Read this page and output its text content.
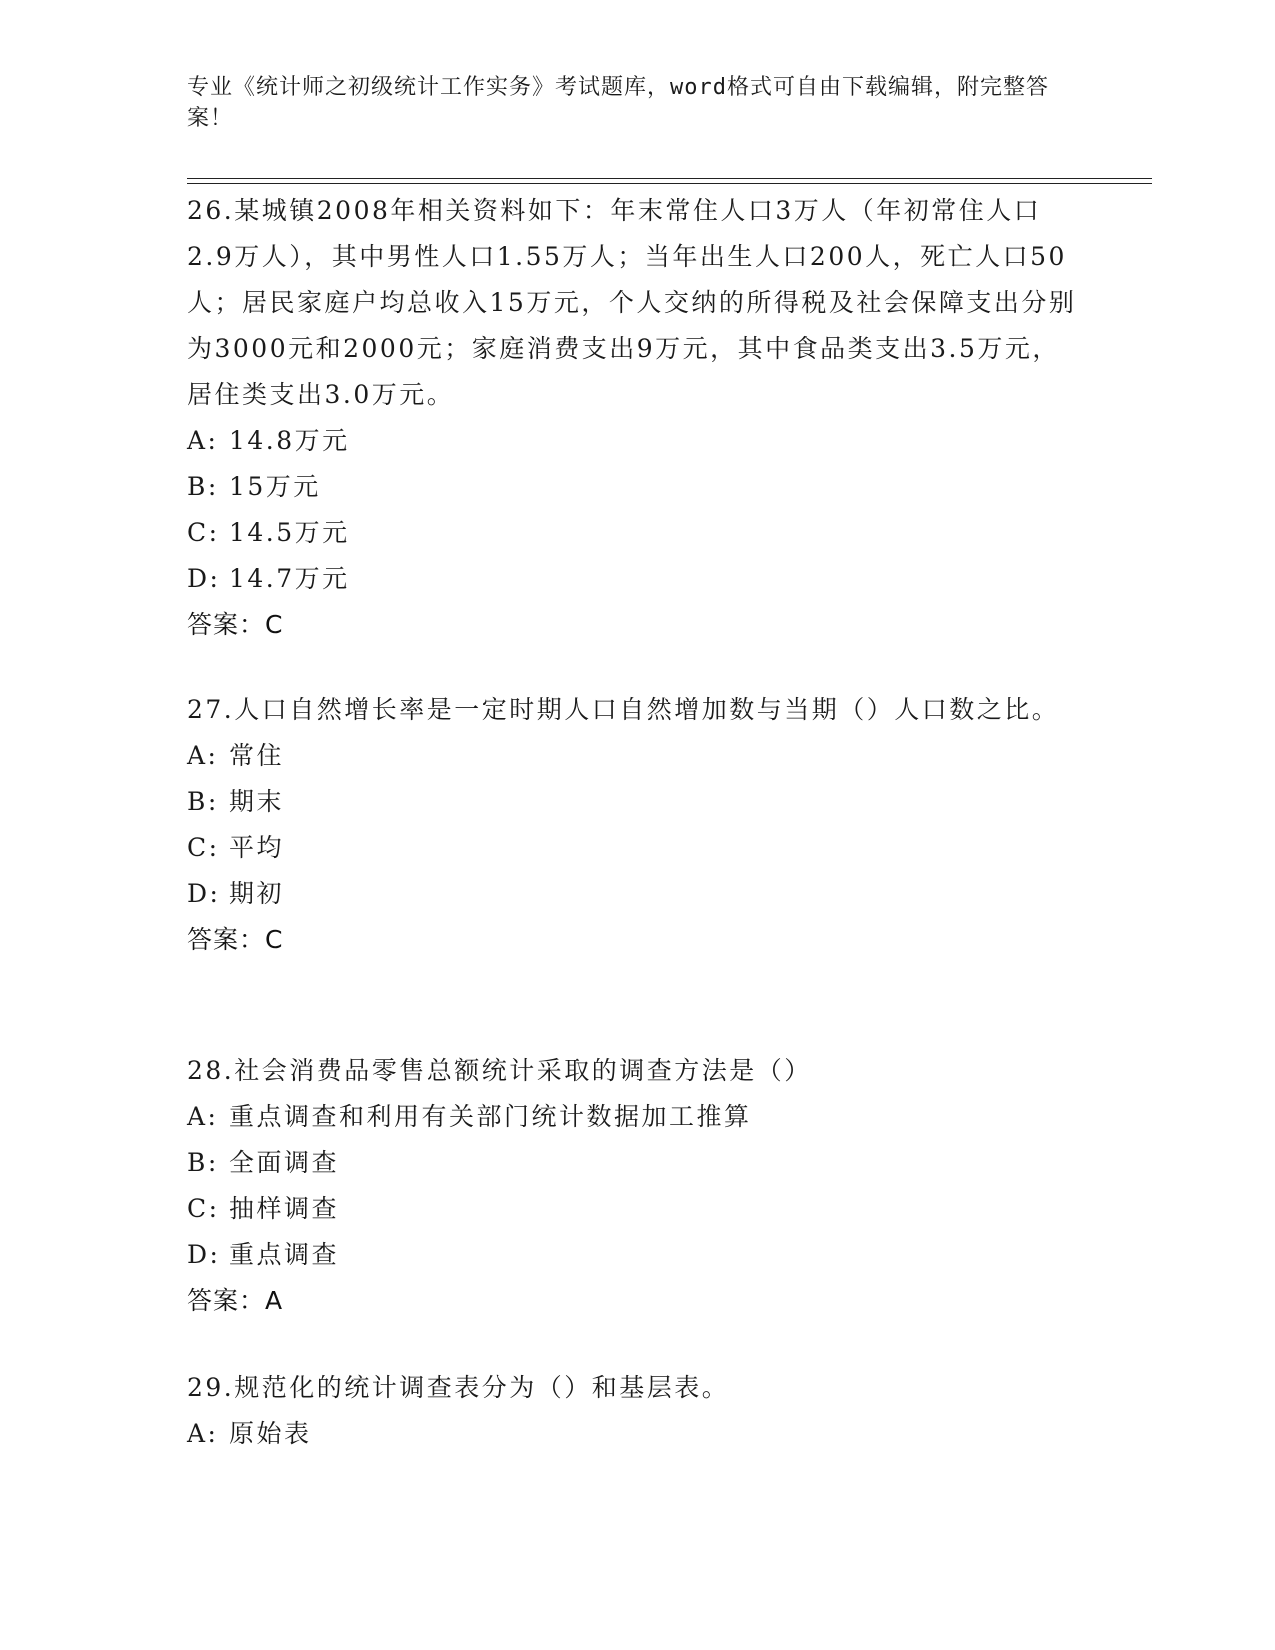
专业《统计师之初级统计工作实务》考试题库，word格式可自由下载编辑，附完整答案！
26.某城镇2008年相关资料如下：年末常住人口3万人（年初常住人口2.9万人），其中男性人口1.55万人；当年出生人口200人，死亡人口50人；居民家庭户均总收入15万元，个人交纳的所得税及社会保障支出分别为3000元和2000元；家庭消费支出9万元，其中食品类支出3.5万元，居住类支出3.0万元。
A: 14.8万元
B: 15万元
C: 14.5万元
D: 14.7万元
答案：C
27.人口自然增长率是一定时期人口自然增加数与当期（）人口数之比。
A: 常住
B: 期末
C: 平均
D: 期初
答案：C
28.社会消费品零售总额统计采取的调查方法是（）
A: 重点调查和利用有关部门统计数据加工推算
B: 全面调查
C: 抽样调查
D: 重点调查
答案：A
29.规范化的统计调查表分为（）和基层表。
A: 原始表
